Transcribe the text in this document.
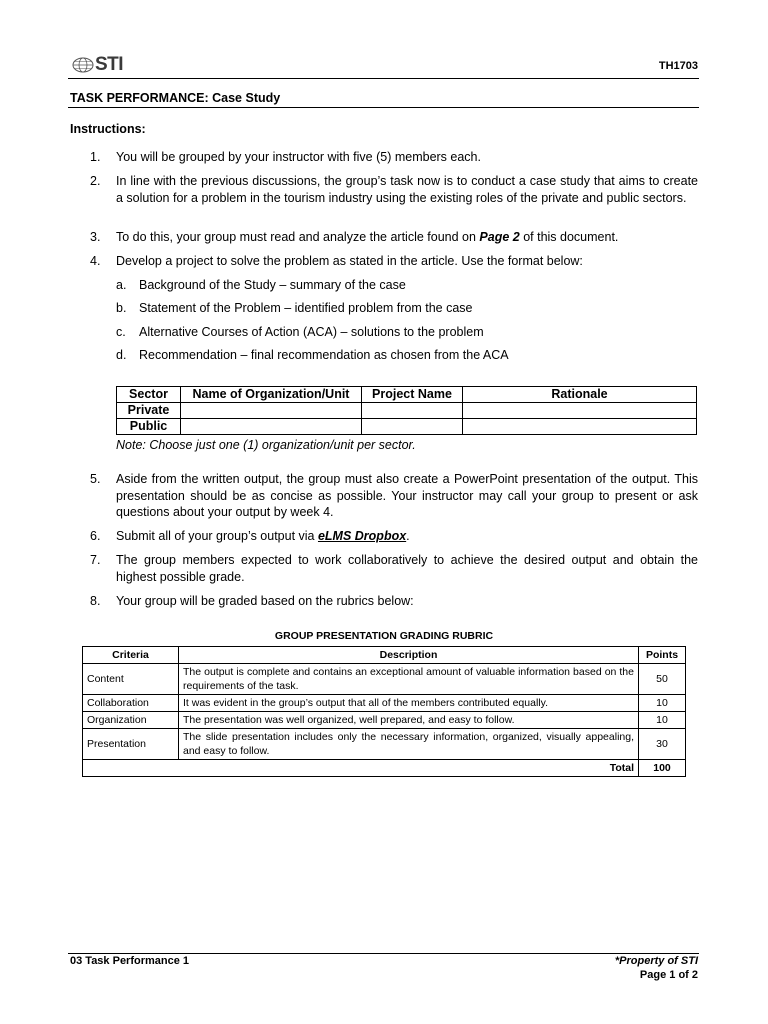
STI	TH1703
TASK PERFORMANCE: Case Study
Instructions:
1.	You will be grouped by your instructor with five (5) members each.
2.	In line with the previous discussions, the group’s task now is to conduct a case study that aims to create a solution for a problem in the tourism industry using the existing roles of the private and public sectors.
3.	To do this, your group must read and analyze the article found on Page 2 of this document.
4.	Develop a project to solve the problem as stated in the article. Use the format below:
a.	Background of the Study – summary of the case
b.	Statement of the Problem – identified problem from the case
c.	Alternative Courses of Action (ACA) – solutions to the problem
d.	Recommendation – final recommendation as chosen from the ACA
Sector	Name of Organization/Unit	Project Name	Rationale
Private			
Public			
Note: Choose just one (1) organization/unit per sector.
5.	Aside from the written output, the group must also create a PowerPoint presentation of the output. This presentation should be as concise as possible. Your instructor may call your group to present or ask questions about your output by week 4.
6.	Submit all of your group’s output via eLMS Dropbox.
7.	The group members expected to work collaboratively to achieve the desired output and obtain the highest possible grade.
8.	Your group will be graded based on the rubrics below:
GROUP PRESENTATION GRADING RUBRIC
Criteria	Description	Points
Content	The output is complete and contains an exceptional amount of valuable information based on the requirements of the task.	50
Collaboration	It was evident in the group’s output that all of the members contributed equally.	10
Organization	The presentation was well organized, well prepared, and easy to follow.	10
Presentation	The slide presentation includes only the necessary information, organized, visually appealing, and easy to follow.	30
Total		100
03 Task Performance 1	*Property of STI
Page 1 of 2
